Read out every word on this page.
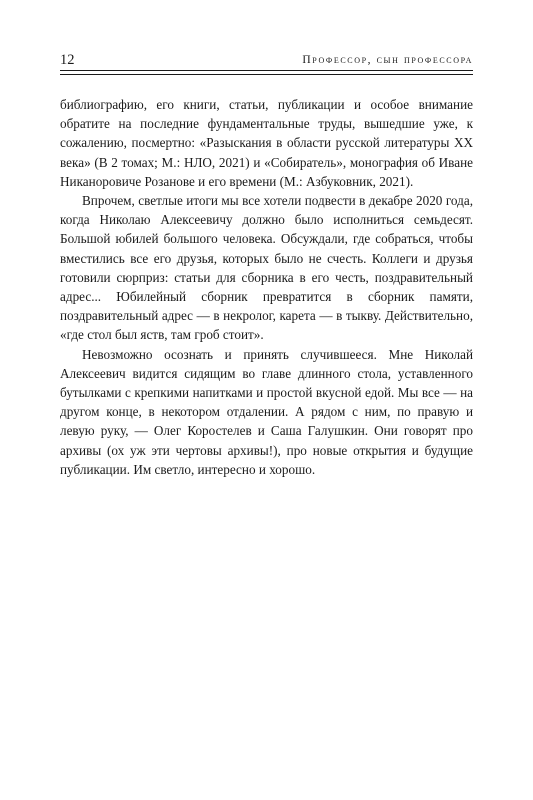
12	Профессор, сын профессора

библиографию, его книги, статьи, публикации и особое внимание обратите на последние фундаментальные труды, вышедшие уже, к сожалению, посмертно: «Разыскания в области русской литературы XX века» (В 2 томах; М.: НЛО, 2021) и «Собиратель», монография об Иване Никаноровиче Розанове и его времени (М.: Азбуковник, 2021).

Впрочем, светлые итоги мы все хотели подвести в декабре 2020 года, когда Николаю Алексеевичу должно было исполниться семьдесят. Большой юбилей большого человека. Обсуждали, где собраться, чтобы вместились все его друзья, которых было не счесть. Коллеги и друзья готовили сюрприз: статьи для сборника в его честь, поздравительный адрес... Юбилейный сборник превратится в сборник памяти, поздравительный адрес — в некролог, карета — в тыкву. Действительно, «где стол был яств, там гроб стоит».

Невозможно осознать и принять случившееся. Мне Николай Алексеевич видится сидящим во главе длинного стола, уставленного бутылками с крепкими напитками и простой вкусной едой. Мы все — на другом конце, в некотором отдалении. А рядом с ним, по правую и левую руку, — Олег Коростелев и Саша Галушкин. Они говорят про архивы (ох уж эти чертовы архивы!), про новые открытия и будущие публикации. Им светло, интересно и хорошо.
